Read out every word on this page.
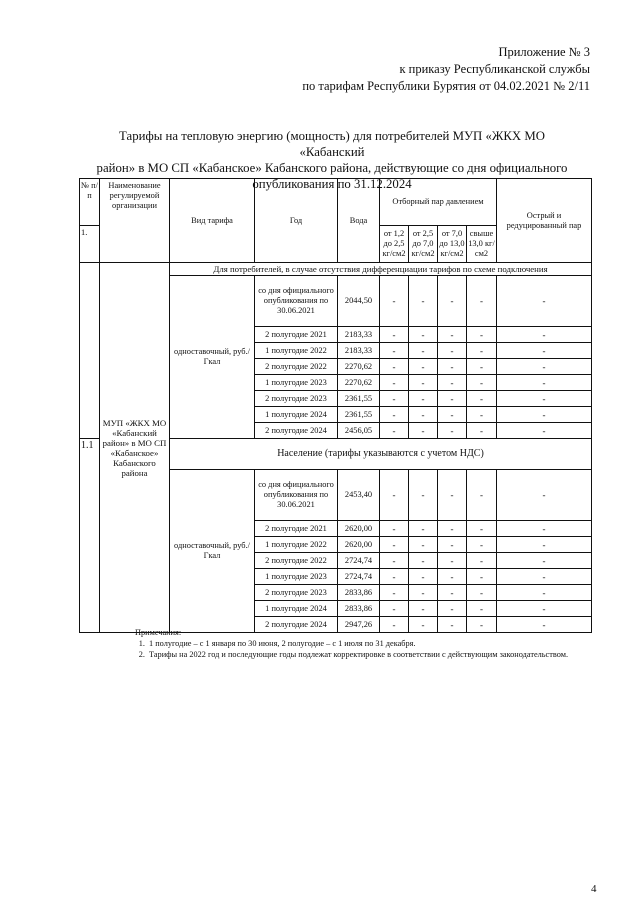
Приложение № 3
к приказу Республиканской службы
по тарифам Республики Бурятия от 04.02.2021 № 2/11
Тарифы на тепловую энергию (мощность) для потребителей МУП «ЖКХ МО «Кабанский
район» в МО СП «Кабанское» Кабанского района, действующие со дня официального
опубликования по 31.12.2024
№ п/п	Наименование регулируемой организации	Вид тарифа	Год	Вода	Отборный пар давлением				Острый и редуцированный пар
1.					от 1,2 до 2,5 кг/см2	от 2,5 до 7,0 кг/см2	от 7,0 до 13,0 кг/см2	свыше 13,0 кг/см2	
	МУП «ЖКХ МО «Кабанский район» в МО СП «Кабанское» Кабанского района	Для потребителей, в случае отсутствия дифференциации тарифов по схеме подключения							
		одноставочный, руб./Гкал	со дня официального опубликования по 30.06.2021	2044,50	-	-	-	-	-
			2 полугодие 2021	2183,33	-	-	-	-	-
			1 полугодие 2022	2183,33	-	-	-	-	-
			2 полугодие 2022	2270,62	-	-	-	-	-
			1 полугодие 2023	2270,62	-	-	-	-	-
			2 полугодие 2023	2361,55	-	-	-	-	-
			1 полугодие 2024	2361,55	-	-	-	-	-
			2 полугодие 2024	2456,05	-	-	-	-	-
1.1		Население (тарифы указываются с учетом НДС)							
		одноставочный, руб./Гкал	со дня официального опубликования по 30.06.2021	2453,40	-	-	-	-	-
			2 полугодие 2021	2620,00	-	-	-	-	-
			1 полугодие 2022	2620,00	-	-	-	-	-
			2 полугодие 2022	2724,74	-	-	-	-	-
			1 полугодие 2023	2724,74	-	-	-	-	-
			2 полугодие 2023	2833,86	-	-	-	-	-
			1 полугодие 2024	2833,86	-	-	-	-	-
			2 полугодие 2024	2947,26	-	-	-	-	-
Примечания:
1. 1 полугодие – с 1 января по 30 июня, 2 полугодие – с 1 июля по 31 декабря.
2. Тарифы на 2022 год и последующие годы подлежат корректировке в соответствии с действующим законодательством.
4
